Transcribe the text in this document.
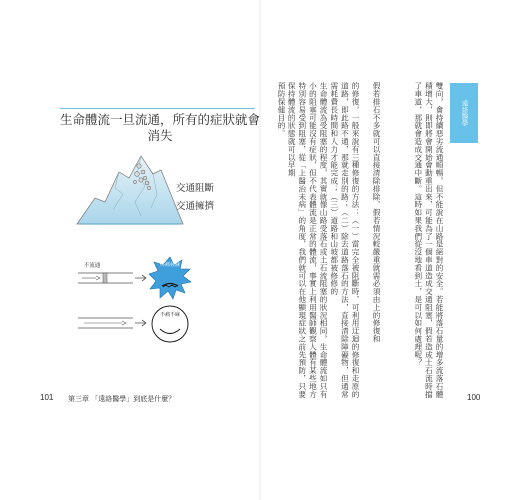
生命體流一旦流通，所有的症狀就會消失
交通阻斷
交通擁擠
不流通	疼痛發麻
不痛不麻
101 第三章 「遠絡醫學」到底是什麼？
遠絡醫學
雙向，會持續惡劣流通順暢，但不能說在山路是絕對的安全。若能將落石量的增多流落石體積增大，則即將會開始會動重出來，可能為了一個車道造成交通阻塞，假若造成土石流時擋了車道，那就會造成交通中斷。這時如果我們從沒地看到土，是可以如何處理呢？
假若排石不多就可以直接清除排除，假若情況較嚴重就需必須由上的修復和
的修復，一般來說有三種修復的方法：（一）當完全被阻斷時，可利用迂迴的修復和走原的道路，即此路不通，那就走別的路；（二）除去道路落石的方法，直接清除障礙物，但通常需耗費長時間和人力才能完成；（三）道路和山坡都被修修的
生命體流為受阻塞的程度，其實就像山路受落石或土石流阻塞的狀況相同，生命體流如只有小的阻塞可能沒有症狀，但不代表體流是正常的體流，事實上利用醫師觀察人體有某些地方特別容易受到阻塞，從「上醫治未病」的角度，我們就可以在他顯現症狀之前先預防，只要保持體流的狀態就可以早期
預防保健目的。
100
